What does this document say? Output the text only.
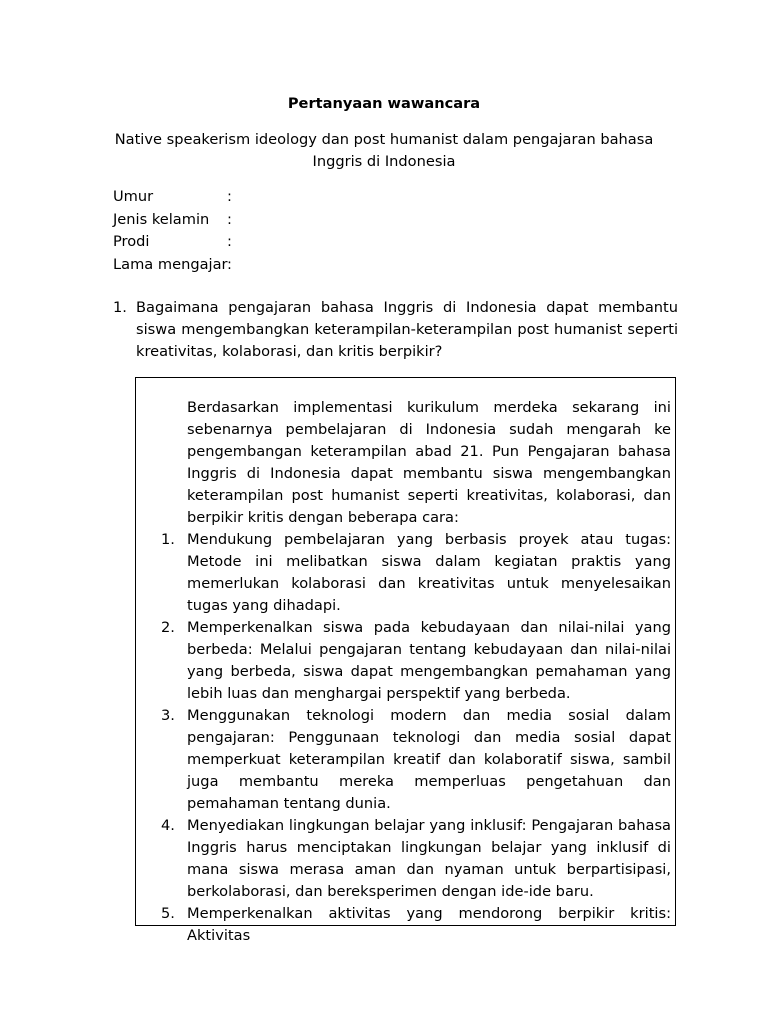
Pertanyaan wawancara
Native speakerism ideology dan post humanist dalam pengajaran bahasa Inggris di Indonesia
Umur	:
Jenis kelamin :
Prodi	:
Lama mengajar:
1. Bagaimana pengajaran bahasa Inggris di Indonesia dapat membantu siswa mengembangkan keterampilan-keterampilan post humanist seperti kreativitas, kolaborasi, dan kritis berpikir?

Berdasarkan implementasi kurikulum merdeka sekarang ini sebenarnya pembelajaran di Indonesia sudah mengarah ke pengembangan keterampilan abad 21. Pun Pengajaran bahasa Inggris di Indonesia dapat membantu siswa mengembangkan keterampilan post humanist seperti kreativitas, kolaborasi, dan berpikir kritis dengan beberapa cara:

1. Mendukung pembelajaran yang berbasis proyek atau tugas: Metode ini melibatkan siswa dalam kegiatan praktis yang memerlukan kolaborasi dan kreativitas untuk menyelesaikan tugas yang dihadapi.
2. Memperkenalkan siswa pada kebudayaan dan nilai-nilai yang berbeda: Melalui pengajaran tentang kebudayaan dan nilai-nilai yang berbeda, siswa dapat mengembangkan pemahaman yang lebih luas dan menghargai perspektif yang berbeda.
3. Menggunakan teknologi modern dan media sosial dalam pengajaran: Penggunaan teknologi dan media sosial dapat memperkuat keterampilan kreatif dan kolaboratif siswa, sambil juga membantu mereka memperluas pengetahuan dan pemahaman tentang dunia.
4. Menyediakan lingkungan belajar yang inklusif: Pengajaran bahasa Inggris harus menciptakan lingkungan belajar yang inklusif di mana siswa merasa aman dan nyaman untuk berpartisipasi, berkolaborasi, dan bereksperimen dengan ide-ide baru.
5. Memperkenalkan aktivitas yang mendorong berpikir kritis: Aktivitas
